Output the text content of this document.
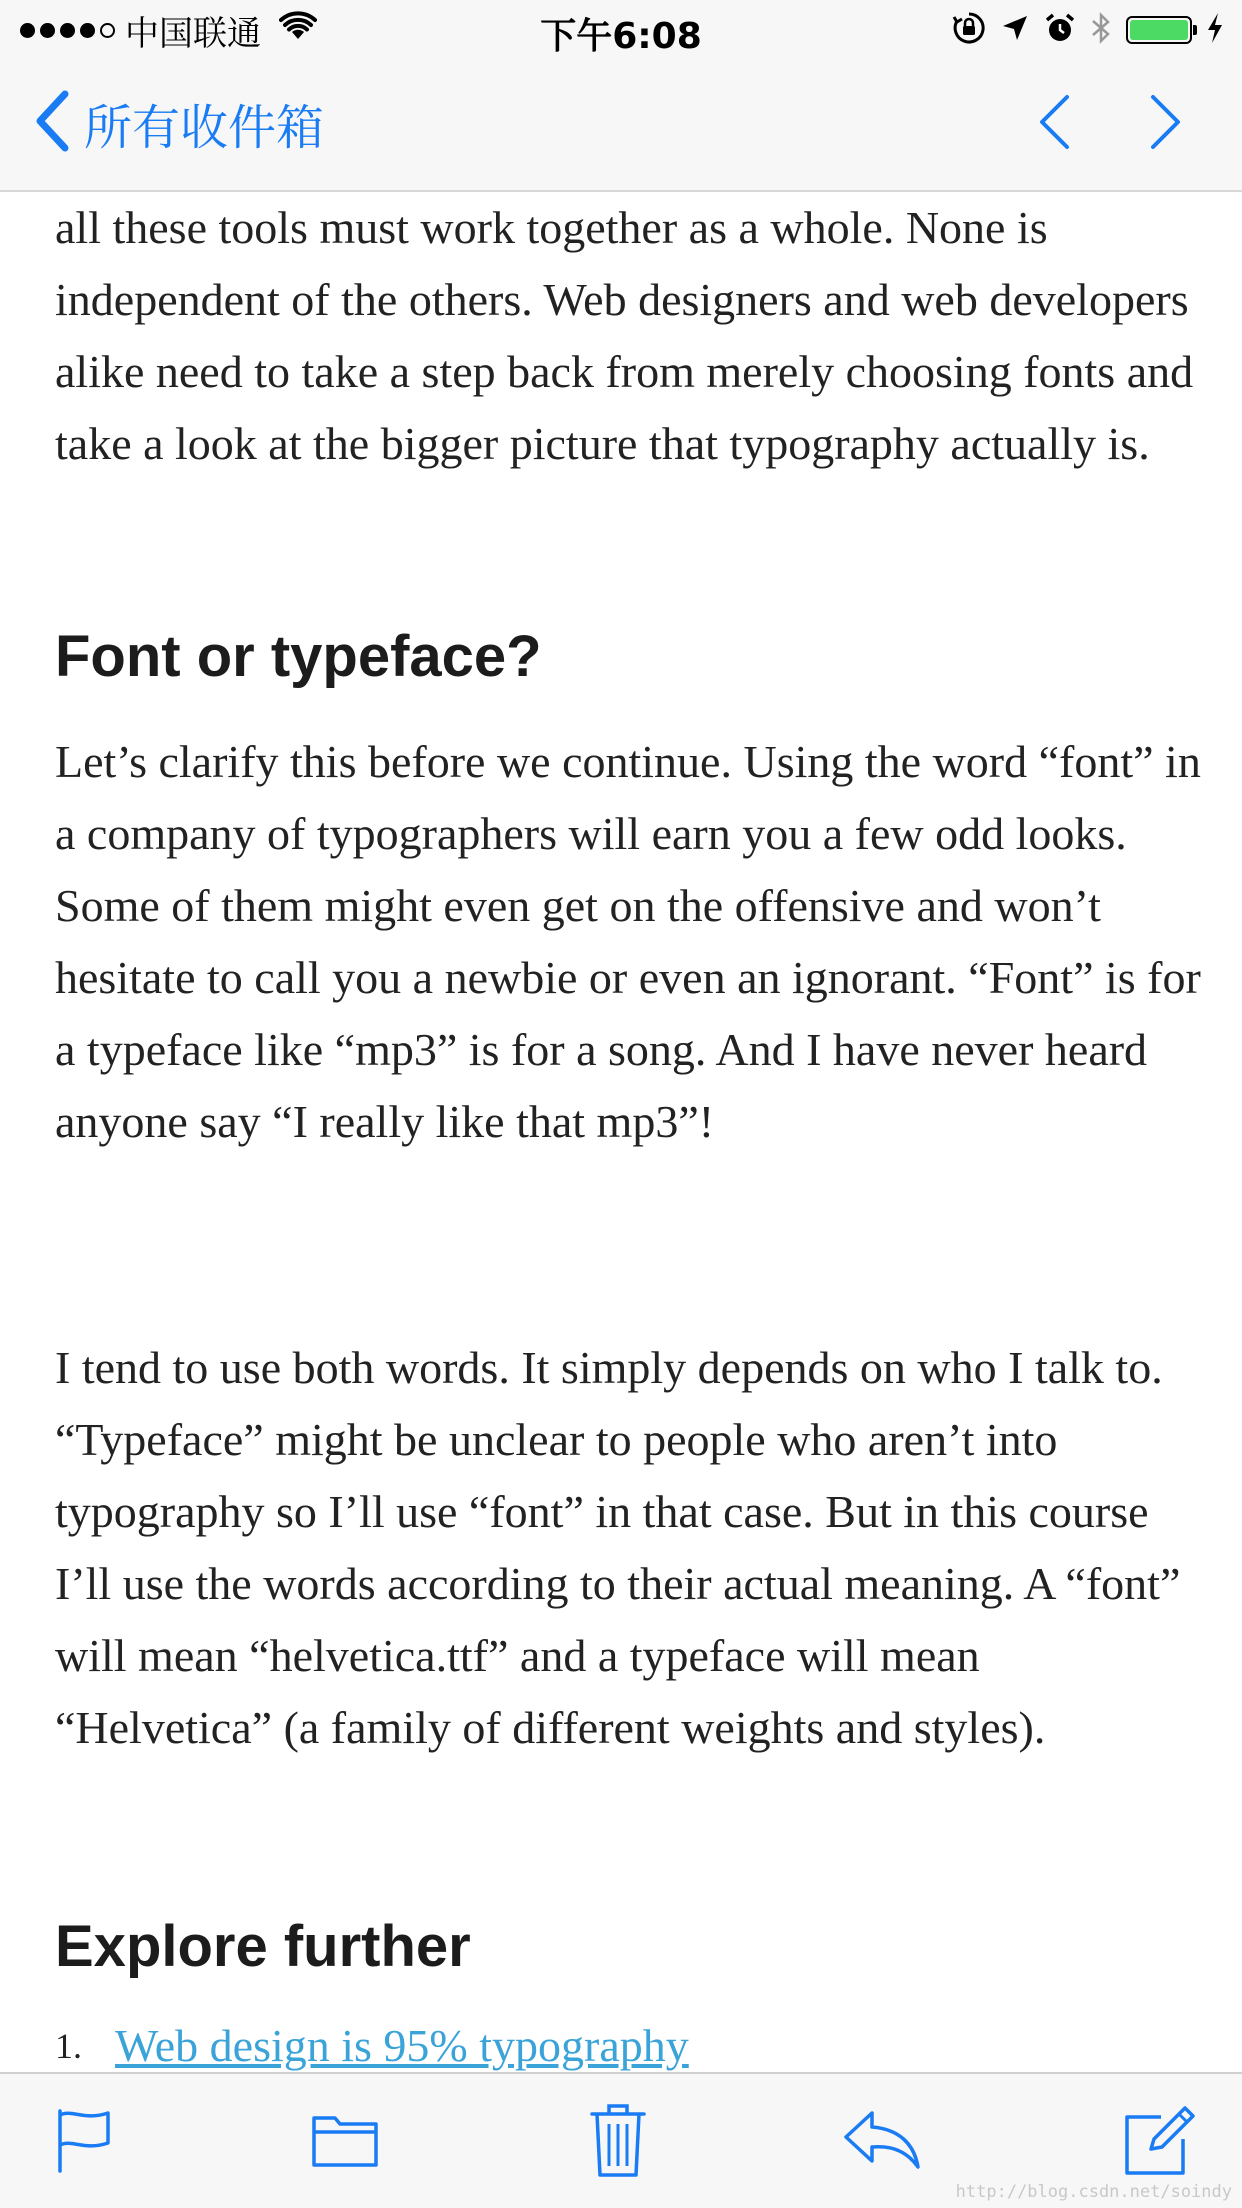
中国联通	下午6:08
所有收件箱

all these tools must work together as a whole. None is independent of the others. Web designers and web developers alike need to take a step back from merely choosing fonts and take a look at the bigger picture that typography actually is.

Font or typeface?

Let’s clarify this before we continue. Using the word “font” in a company of typographers will earn you a few odd looks. Some of them might even get on the offensive and won’t hesitate to call you a newbie or even an ignorant. “Font” is for a typeface like “mp3” is for a song. And I have never heard anyone say “I really like that mp3”!

I tend to use both words. It simply depends on who I talk to. “Typeface” might be unclear to people who aren’t into typography so I’ll use “font” in that case. But in this course I’ll use the words according to their actual meaning. A “font” will mean “helvetica.ttf” and a typeface will mean “Helvetica” (a family of different weights and styles).

Explore further
1. Web design is 95% typography
http://blog.csdn.net/soindy
